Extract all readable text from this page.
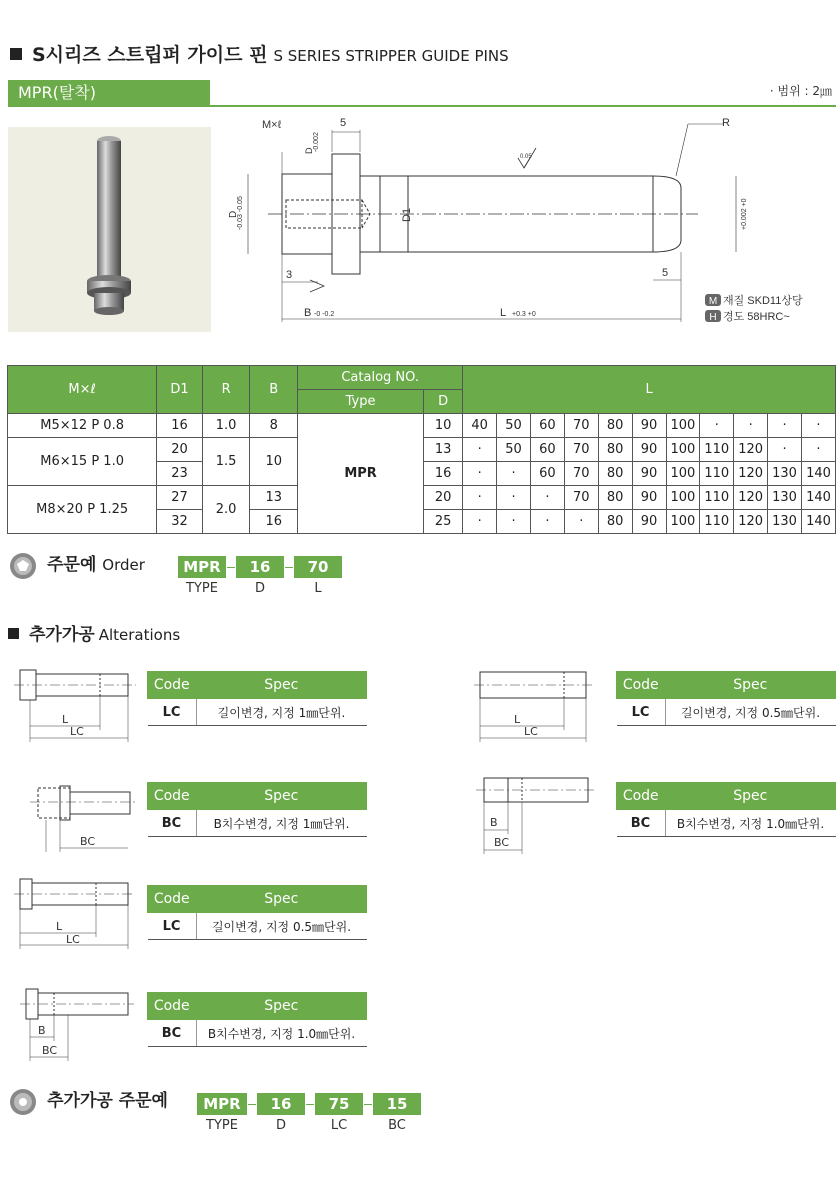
S시리즈 스트립퍼 가이드 핀 S SERIES STRIPPER GUIDE PINS
MPR(탈착)	· 범위 : 2㎛
M×ℓ	5	R
D -0.002
D
-0.03 -0.05	D1
0.05
+0.002 +0
3	5
B -0 -0.2	L +0.3 +0
M 재질 SKD11상당
H 경도 58HRC~
M×ℓ	D1	R	B	Catalog NO.		L										
				Type	D											
M5×12 P 0.8	16	1.0	8	MPR	10	40	50	60	70	80	90	100	·	·	·	·
M6×15 P 1.0	20	1.5	10		13	·	50	60	70	80	90	100	110	120	·	·
	23				16	·	·	60	70	80	90	100	110	120	130	140
M8×20 P 1.25	27	2.0	13		20	·	·	·	70	80	90	100	110	120	130	140
	32		16		25	·	·	·	·	80	90	100	110	120	130	140
주문예 Order	MPR	16	70
TYPE	D	L
추가가공 Alterations
L
LC
L
LC
BC
B
BC
L
LC
B
BC
Code	Spec
LC	길이변경, 지정 1㎜단위.
Code	Spec
LC	길이변경, 지정 0.5㎜단위.
Code	Spec
BC	B치수변경, 지정 1㎜단위.
Code	Spec
BC	B치수변경, 지정 1.0㎜단위.
Code	Spec
LC	길이변경, 지정 0.5㎜단위.
Code	Spec
BC	B치수변경, 지정 1.0㎜단위.
추가가공 주문예	MPR	16	75	15
TYPE	D	LC	BC
